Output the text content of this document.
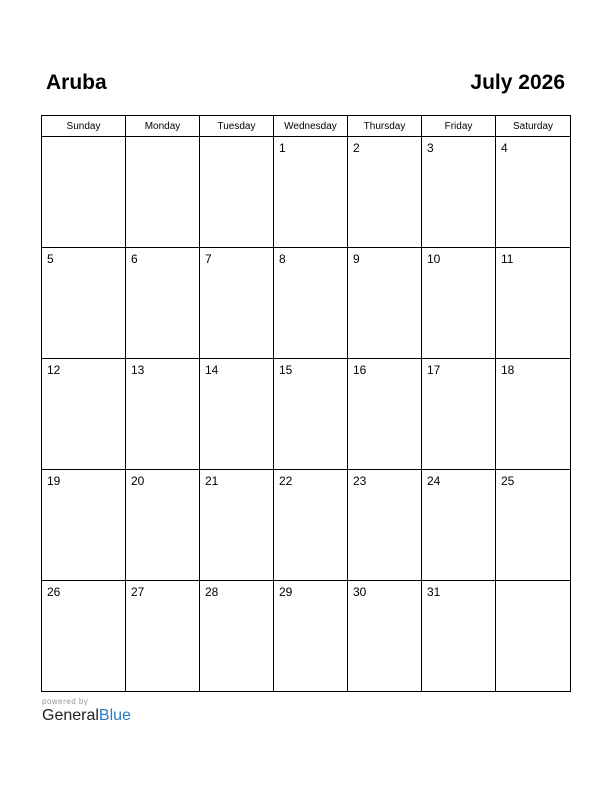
Aruba	July 2026
Sunday	Monday	Tuesday	Wednesday	Thursday	Friday	Saturday

			1	2	3	4

5	6	7	8	9	10	11

12	13	14	15	16	17	18

19	20	21	22	23	24	25

26	27	28	29	30	31	

powered by
GeneralBlue
